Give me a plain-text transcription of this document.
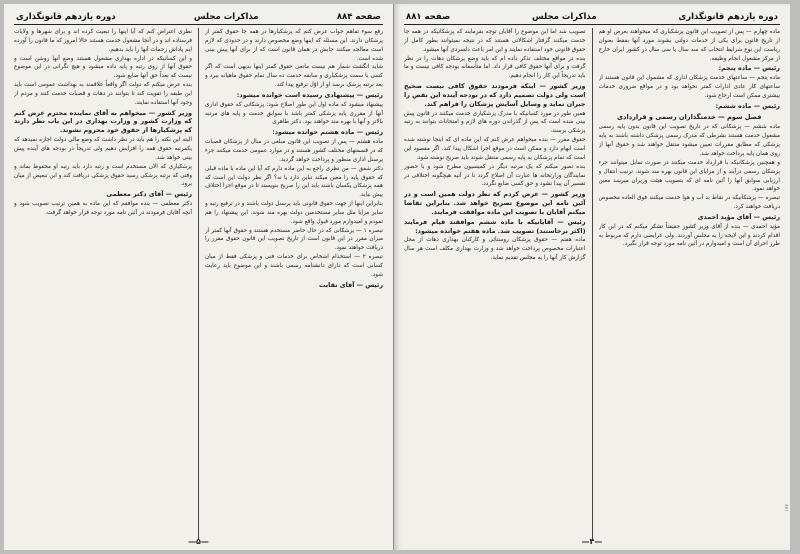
صفحه ۸۸۴
مذاکرات مجلس
دوره یازدهم قانونگذاری

رفع سوء تفاهم جواب عرض کنم که پزشکیارها در همه جا حقوق کمتر از پزشکان دارند. این مسئله که اینها وضع مخصوص دارند و در حدودی که لازم است معالجه میکنند جایش در همان قانون است که از برای آنها پیش بینی شده است.

شاید انگشت شمار هم نیست مانعی حقوق کمتر اینها بدیهی است که اگر کسی با سمت پزشکیاری و سابقه خدمت ده سال تمام حقوق ماهیانه ببرد و بعد برتبه پزشک برسد او از اوّل ترفیع پیدا کند.

رئیس — پیشنهادی رسیده است خوانده میشود:

پیشنهاد میشود که ماده اول این طور اصلاح شود: پزشکانی که حقوق اداری آنها از مقرری پایه پزشکی کمتر باشد با سوابق خدمت و پایه های مرتبه بالاتر و آنها با بهره مند خواهند بود. دکتر طاهری

رئیس — ماده هشتم خوانده میشود:

ماده هشتم — پس از تصویب این قانون مبلغی در سال از پزشکان قصبات که در قسمتهای مختلف کشور هستند و در موارد عمومی خدمت میکنند جزء پرسنل اداری منظور و پرداخت خواهد گردید.

دکتر شفق — من نظری راجع به این ماده دارم که آیا این ماده با ماده قبلی که حقوق پایه را معین میکند تباین دارد یا نه؟ اگر نظر دولت این است که همه پزشکان یکسان باشند باید این را صریح بنویسند تا در موقع اجرا اختلاف پیش نیاید.

بنابراین اینها از جهت حقوق قانونی باید پرسنل دولت باشند و در ترفیع رتبه و سایر مزایا مثل سایر مستخدمین دولت بهره مند شوند. این پیشنهاد را هم نمودم و امیدوارم مورد قبول واقع شود.

تبصره ۱ — پزشکانی که در حال حاضر مستخدم هستند و حقوق آنها کمتر از میزان مقرر در این قانون است از تاریخ تصویب این قانون حقوق مقرر را دریافت خواهند نمود.

تبصره ۲ — استخدام اشخاص برای خدمات فنی و پزشکی فقط از میان کسانی است که دارای دانشنامه رسمی باشند و این موضوع باید رعایت شود.

رئیس — آقای نقابت

نظری اعتراض کنم که آیا اینها را تبعیت کرده اند و برای شهرها و ولایات فرستاده اند و در آنجا مشغول خدمت هستند حالا امروز که ما قانون را آورده ایم پاداش زحمات آنها را باید بدهیم.

و این کسانیکه در اداره بهداری مشغول هستند وضع آنها روشن است و حقوق آنها از روی رتبه و پایه داده میشود و هیچ نگرانی در این موضوع نیست که بعداً حق آنها ضایع شود.

بنده عرض میکنم که دولت اگر واقعاً علاقمند به بهداشت عمومی است باید این طبقه را تقویت کند تا بتوانند در دهات و قصبات خدمت کنند و مردم از وجود آنها استفاده نمایند.

وزیر کشور — میخواهم به آقای نماینده محترم عرض کنم که وزارت کشور و وزارت بهداری در این باب نظر دارند که پزشکیارها از حقوق خود محروم نشوند.

البته این نکته را هم باید در نظر داشت که وضع مالی دولت اجازه نمیدهد که یکمرتبه حقوق همه را افزایش دهیم ولی تدریجاً در بودجه های آینده پیش بینی خواهد شد.

پزشکیاری که الان مستخدم است و رتبه دارد باید رتبه او محفوظ بماند و وقتی که برتبه پزشکی رسید حقوق پزشکی دریافت کند و این تبعیض از میان برود.

رئیس — آقای دکتر معظمی

دکتر معظمی — بنده موافقم که این ماده به همین ترتیب تصویب شود و آنچه آقایان فرمودند در آئین نامه مورد توجه قرار خواهد گرفت.

—۵—
دوره یازدهم قانونگذاری
مذاکرات مجلس
صفحه ۸۸۱

ماده چهارم — پس از تصویب این قانون پزشکیاری که میخواهند بعرض او هم از تاریخ قانون برای یکی از خدمات دولتی بشوند مورد آنها بفقط بعنوان ریاست این نوع شرایط انتخاب که سه سال یا سی سال در کشور ایران خارج از مرکز مشغول انجام وظیفه.

رئیس — ماده پنجم:

ماده پنجم — ساعتهای خدمت پزشکان اداری که مشمول این قانون هستند از ساعتهای کار عادی ادارات کمتر نخواهد بود و در مواقع ضروری خدمات بیشتری ممکن است ارجاع شود.

رئیس — ماده ششم:

فصل سوم — خدمتگذاران رسمی و قراردادی

ماده ششم — پزشکانی که در تاریخ تصویب این قانون بدون پایه رسمی مشغول خدمت هستند بشرطی که مدرک رسمی پزشکی داشته باشند به پایه پزشکی که مطابق مقررات تعیین میشود منتقل خواهند شد و حقوق آنها از روی همان پایه پرداخت خواهد شد.

و همچنین پزشکانیکه با قرارداد خدمت میکنند در صورت تمایل میتوانند جزء پزشکان رسمی درآیند و از مزایای این قانون بهره مند شوند. ترتیب انتقال و ارزیابی سوابق آنها را آئین نامه ای که بتصویب هیئت وزیران میرسد معین خواهد نمود.

تبصره — پزشکانیکه در نقاط بد آب و هوا خدمت میکنند فوق العاده مخصوص دریافت خواهند کرد.

رئیس — آقای مؤید احمدی

مؤید احمدی — بنده از آقای وزیر کشور حقیقتاً تشکر میکنم که در این کار اقدام کردند و این لایحه را به مجلس آوردند. ولی عرایضی دارم که مربوط به طرز اجرای آن است و امیدوارم در آئین نامه مورد توجه قرار بگیرد.

تصویب شد اماً این موضوع را آقایان توجه بفرمایند که پزشکانیکه در همه جا خدمت میکنند گرفتار اشکالاتی هستند که در نتیجه نمیتوانند بطور کامل از حقوق قانونی خود استفاده نمایند و این امر باعث دلسردی آنها میشود.

بنده در مواقع مختلف تذکر داده ام که باید وضع پزشکان دهات را در نظر گرفت و برای آنها حقوق کافی قرار داد. اما متأسفانه بودجه کافی نیست و ما باید تدریجاً این کار را انجام دهیم.

وزیر کشور — اینکه فرمودند حقوق کافی نیست صحیح است ولی دولت تصمیم دارد که در بودجه آینده این نقص را جبران نماید و وسایل آسایش پزشکان را فراهم کند.

همین طور در مورد کسانیکه با مدرک پزشکیاری خدمت میکنند در قانون پیش بینی شده است که پس از گذراندن دوره های لازم و امتحانات بتوانند به رتبه پزشکی برسند.

حقوق مقرر — بنده میخواهم عرض کنم که این ماده ای که اینجا نوشته شده است ابهام دارد و ممکن است در موقع اجرا اشکال پیدا کند. اگر مقصود این است که تمام پزشکان به پایه رسمی منتقل شوند باید صریح نوشته شود.

بنده تصور میکنم که یک مرتبه دیگر در کمیسیون مطرح شود و با حضور نمایندگان وزارتخانه ها عبارت آن اصلاح گردد تا در آتیه هیچگونه اختلافی در تفسیر آن پیدا نشود و حق کسی ضایع نگردد.

وزیر کشور — عرض کردم که نظر دولت همین است و در آئین نامه این موضوع تصریح خواهد شد. بنابراین تقاضا میکنم آقایان با تصویب این ماده موافقت فرمایند.

رئیس — آقایانیکه با ماده ششم موافقند قیام فرمایند (اکثر برخاستند) تصویب شد. ماده هفتم خوانده میشود:

ماده هفتم — حقوق پزشکان روستائی و کارکنان بهداری دهات از محل اعتبارات مخصوص پرداخت خواهد شد و وزارت بهداری مکلف است هر سال گزارش کار آنها را به مجلس تقدیم نماید.

—۴—
۸۸۱
